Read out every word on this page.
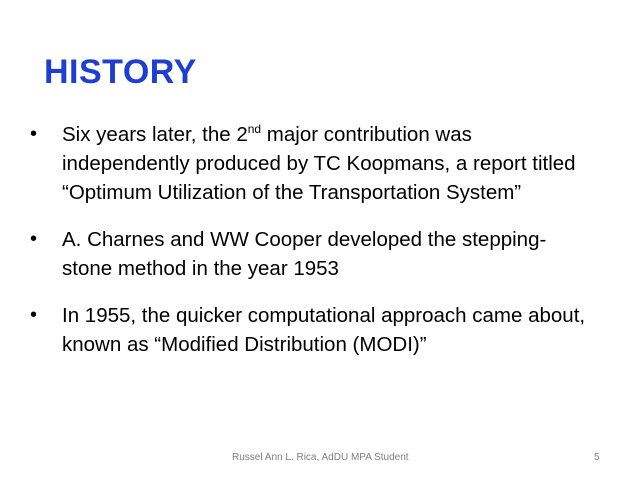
HISTORY
• Six years later, the 2nd major contribution was independently produced by TC Koopmans, a report titled “Optimum Utilization of the Transportation System”
• A. Charnes and WW Cooper developed the stepping-stone method in the year 1953
• In 1955, the quicker computational approach came about, known as “Modified Distribution (MODI)”
Russel Ann L. Rica, AdDU MPA Student	5
